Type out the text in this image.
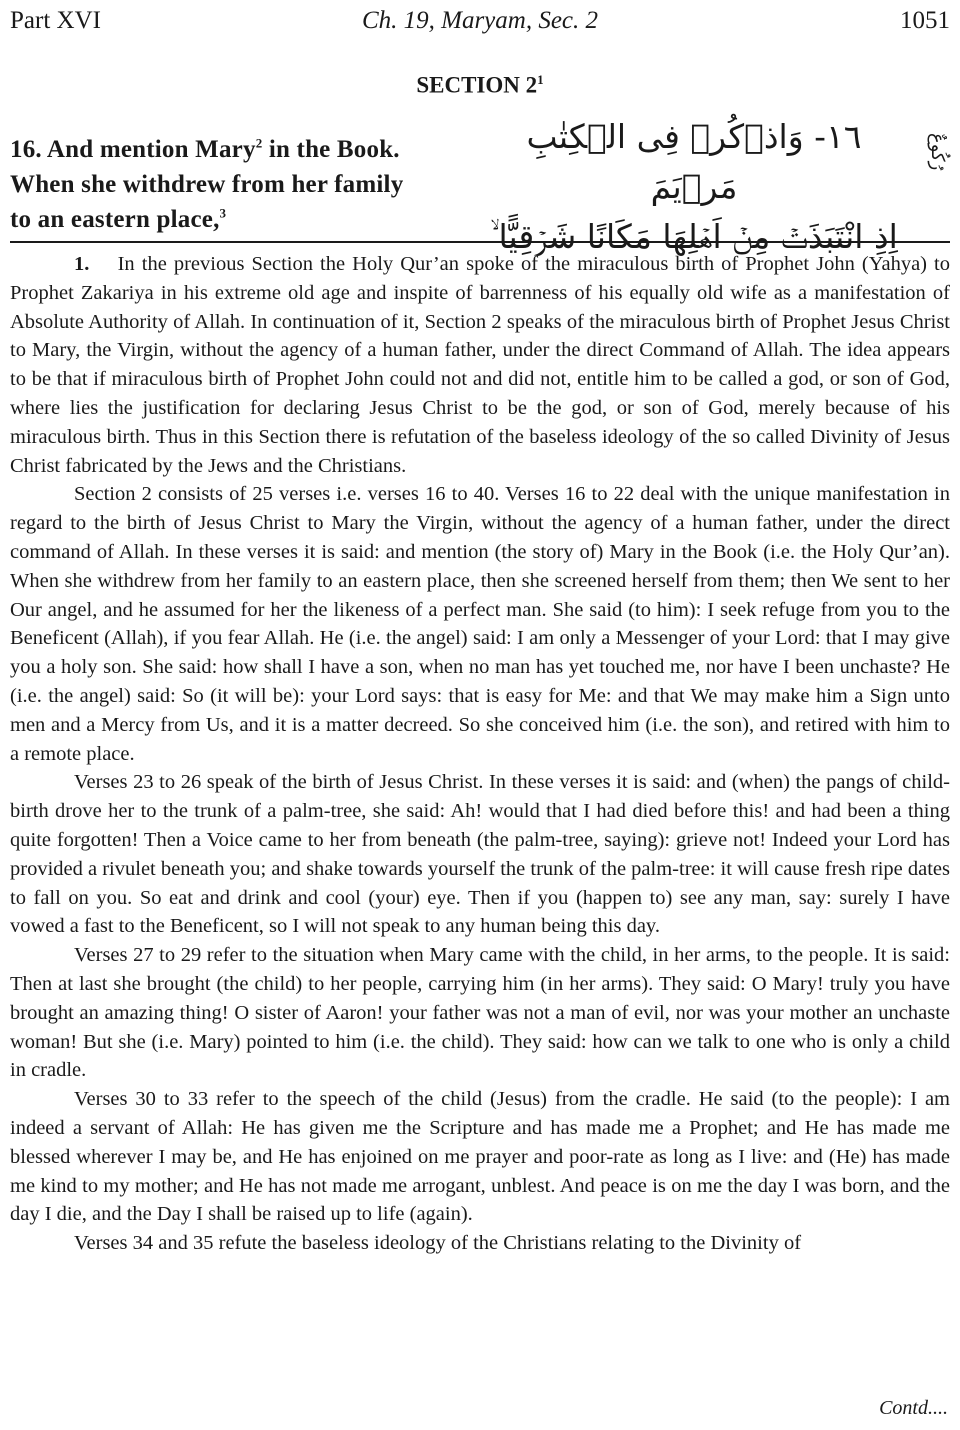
Part XVI	Ch. 19, Maryam, Sec. 2	1051
SECTION $2^1$
16. And mention Mary$^2$ in the Book. When she withdrew from her family to an eastern place,$^3$
١٦- وَاذۡكُرۡ فِى الۡكِتٰبِ مَرۡيَمَ
اِذِ انْتَبَذَتۡ مِنۡ اَهۡلِهَا مَكَانًا شَرۡقِيًّا ۙ
رُكُوعٌ

1. In the previous Section the Holy Qur’an spoke of the miraculous birth of Prophet John (Yahya) to Prophet Zakariya in his extreme old age and inspite of barrenness of his equally old wife as a manifestation of Absolute Authority of Allah. In continuation of it, Section 2 speaks of the miraculous birth of Prophet Jesus Christ to Mary, the Virgin, without the agency of a human father, under the direct Command of Allah. The idea appears to be that if miraculous birth of Prophet John could not and did not, entitle him to be called a god, or son of God, where lies the justification for declaring Jesus Christ to be the god, or son of God, merely because of his miraculous birth. Thus in this Section there is refutation of the baseless ideology of the so called Divinity of Jesus Christ fabricated by the Jews and the Christians.

Section 2 consists of 25 verses i.e. verses 16 to 40. Verses 16 to 22 deal with the unique manifestation in regard to the birth of Jesus Christ to Mary the Virgin, without the agency of a human father, under the direct command of Allah. In these verses it is said: and mention (the story of) Mary in the Book (i.e. the Holy Qur’an). When she withdrew from her family to an eastern place, then she screened herself from them; then We sent to her Our angel, and he assumed for her the likeness of a perfect man. She said (to him): I seek refuge from you to the Beneficent (Allah), if you fear Allah. He (i.e. the angel) said: I am only a Messenger of your Lord: that I may give you a holy son. She said: how shall I have a son, when no man has yet touched me, nor have I been unchaste? He (i.e. the angel) said: So (it will be): your Lord says: that is easy for Me: and that We may make him a Sign unto men and a Mercy from Us, and it is a matter decreed. So she conceived him (i.e. the son), and retired with him to a remote place.

Verses 23 to 26 speak of the birth of Jesus Christ. In these verses it is said: and (when) the pangs of child-birth drove her to the trunk of a palm-tree, she said: Ah! would that I had died before this! and had been a thing quite forgotten! Then a Voice came to her from beneath (the palm-tree, saying): grieve not! Indeed your Lord has provided a rivulet beneath you; and shake towards yourself the trunk of the palm-tree: it will cause fresh ripe dates to fall on you. So eat and drink and cool (your) eye. Then if you (happen to) see any man, say: surely I have vowed a fast to the Beneficent, so I will not speak to any human being this day.

Verses 27 to 29 refer to the situation when Mary came with the child, in her arms, to the people. It is said: Then at last she brought (the child) to her people, carrying him (in her arms). They said: O Mary! truly you have brought an amazing thing! O sister of Aaron! your father was not a man of evil, nor was your mother an unchaste woman! But she (i.e. Mary) pointed to him (i.e. the child). They said: how can we talk to one who is only a child in cradle.

Verses 30 to 33 refer to the speech of the child (Jesus) from the cradle. He said (to the people): I am indeed a servant of Allah: He has given me the Scripture and has made me a Prophet; and He has made me blessed wherever I may be, and He has enjoined on me prayer and poor-rate as long as I live: and (He) has made me kind to my mother; and He has not made me arrogant, unblest. And peace is on me the day I was born, and the day I die, and the Day I shall be raised up to life (again).

Verses 34 and 35 refute the baseless ideology of the Christians relating to the Divinity of

Contd....
